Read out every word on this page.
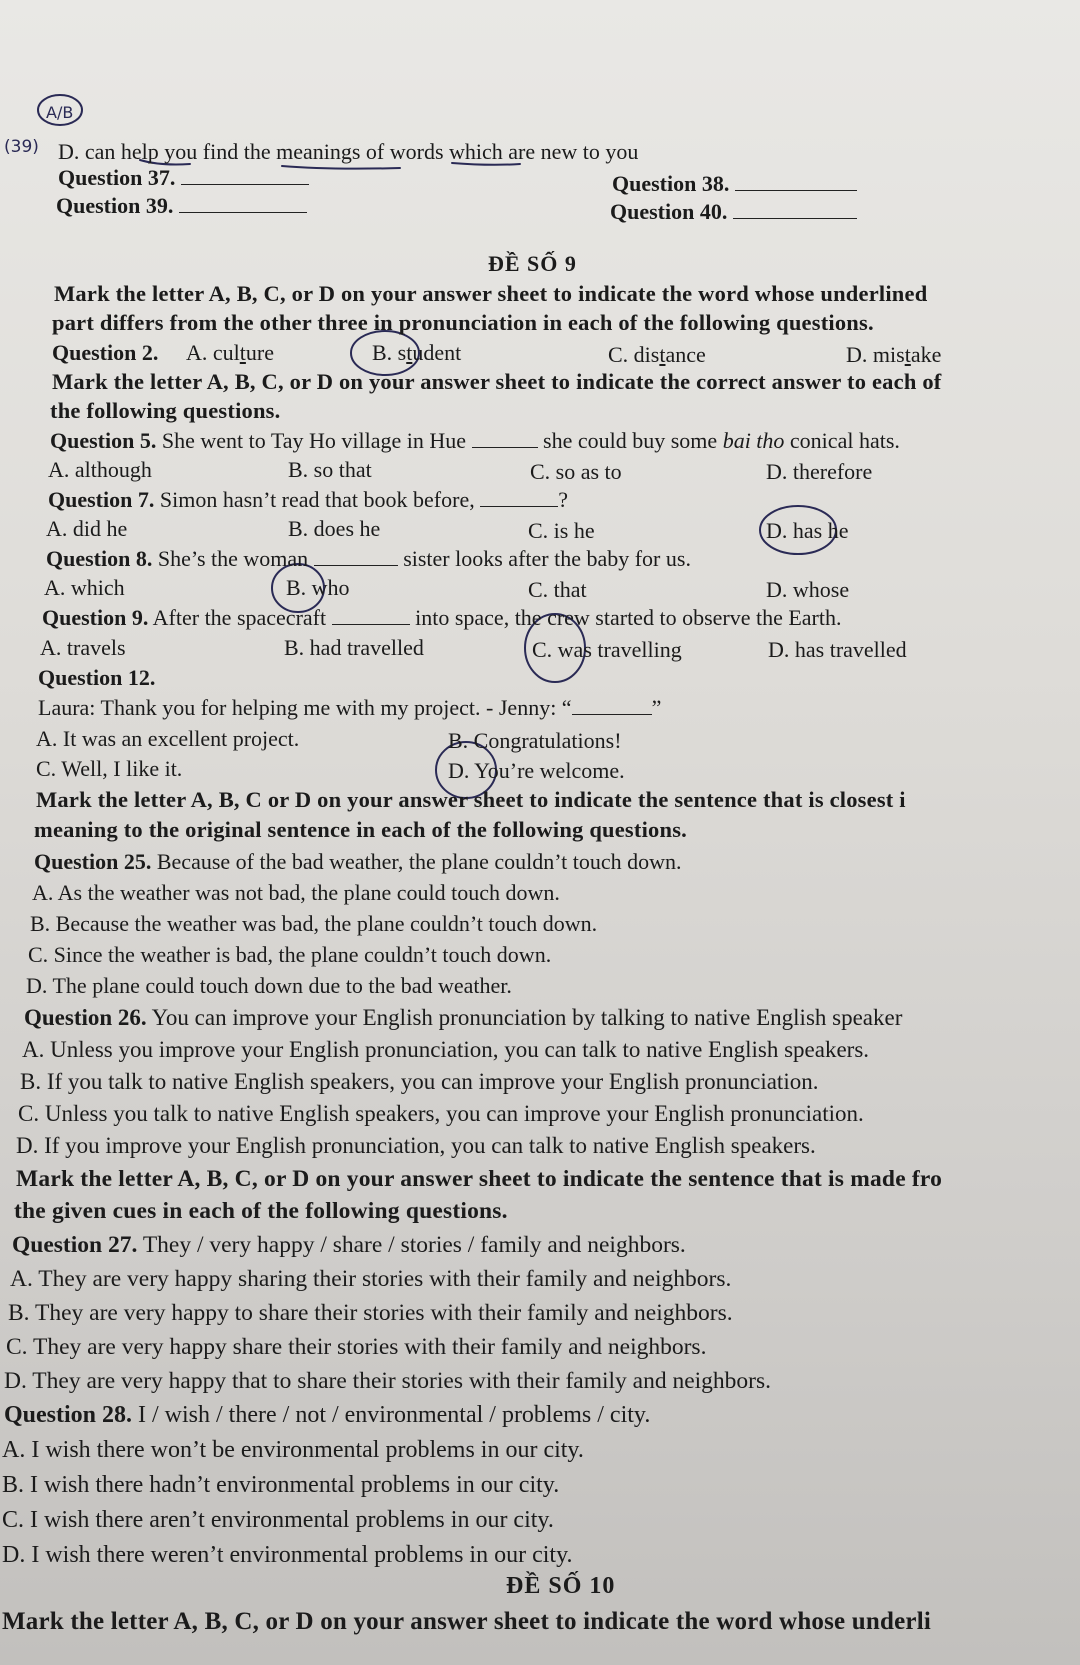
A/B
(39) D. can help you find the meanings of words which are new to you
Question 37.	Question 38.
Question 39.	Question 40.
ĐỀ SỐ 9
Mark the letter A, B, C, or D on your answer sheet to indicate the word whose underlined
part differs from the other three in pronunciation in each of the following questions.
Question 2. A. culture	B. student	C. distance	D. mistake
Mark the letter A, B, C, or D on your answer sheet to indicate the correct answer to each of
the following questions.
Question 5. She went to Tay Ho village in Hue	she could buy some bai tho conical hats.
A. although	B. so that	C. so as to	D. therefore
Question 7. Simon hasn’t read that book before,	?
A. did he	B. does he	C. is he	D. has he
Question 8. She’s the woman	sister looks after the baby for us.
A. which	B. who	C. that	D. whose
Question 9. After the spacecraft	into space, the crew started to observe the Earth.
A. travels	B. had travelled	C. was travelling	D. has travelled
Question 12.
Laura: Thank you for helping me with my project. - Jenny: “	”
A. It was an excellent project.	B. Congratulations!
C. Well, I like it.	D. You’re welcome.
Mark the letter A, B, C or D on your answer sheet to indicate the sentence that is closest i
meaning to the original sentence in each of the following questions.
Question 25. Because of the bad weather, the plane couldn’t touch down.
A. As the weather was not bad, the plane could touch down.
B. Because the weather was bad, the plane couldn’t touch down.
C. Since the weather is bad, the plane couldn’t touch down.
D. The plane could touch down due to the bad weather.
Question 26. You can improve your English pronunciation by talking to native English speaker
A. Unless you improve your English pronunciation, you can talk to native English speakers.
B. If you talk to native English speakers, you can improve your English pronunciation.
C. Unless you talk to native English speakers, you can improve your English pronunciation.
D. If you improve your English pronunciation, you can talk to native English speakers.
Mark the letter A, B, C, or D on your answer sheet to indicate the sentence that is made fro
the given cues in each of the following questions.
Question 27. They / very happy / share / stories / family and neighbors.
A. They are very happy sharing their stories with their family and neighbors.
B. They are very happy to share their stories with their family and neighbors.
C. They are very happy share their stories with their family and neighbors.
D. They are very happy that to share their stories with their family and neighbors.
Question 28. I / wish / there / not / environmental / problems / city.
A. I wish there won’t be environmental problems in our city.
B. I wish there hadn’t environmental problems in our city.
C. I wish there aren’t environmental problems in our city.
D. I wish there weren’t environmental problems in our city.
ĐỀ SỐ 10
Mark the letter A, B, C, or D on your answer sheet to indicate the word whose underli
